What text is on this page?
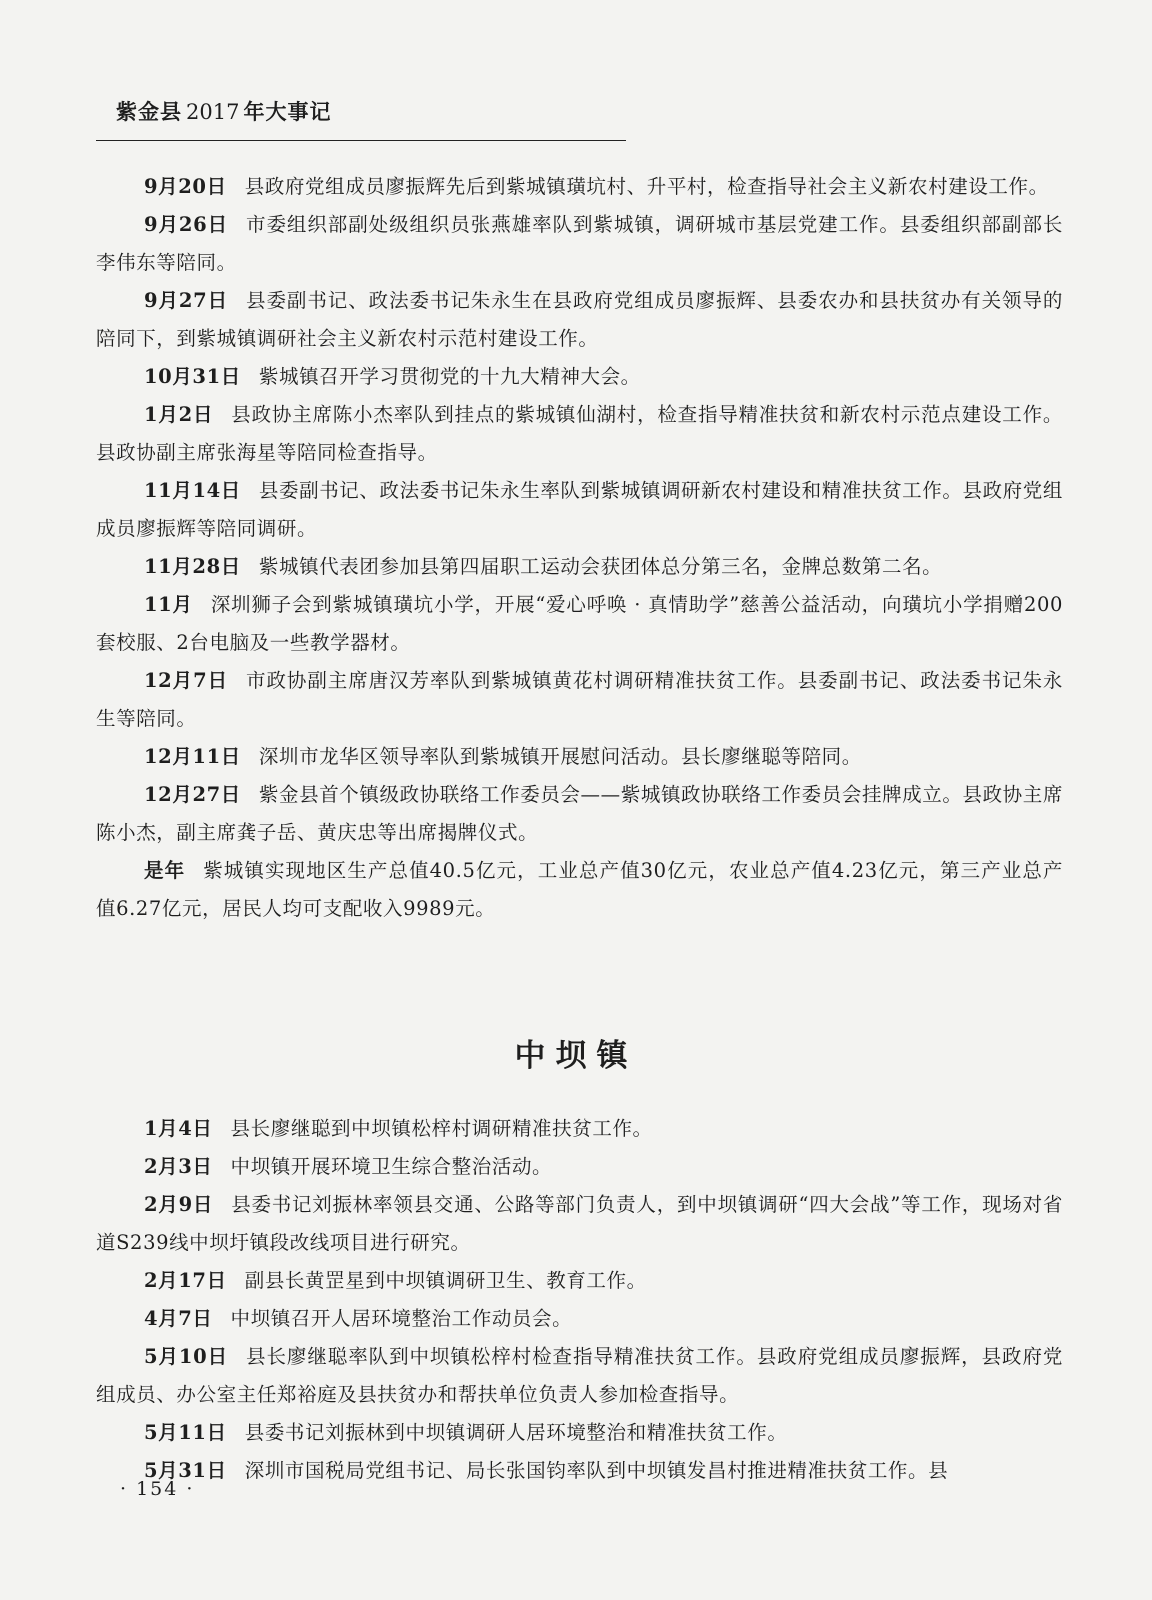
紫金县 2017 年大事记

9月20日 县政府党组成员廖振辉先后到紫城镇璜坑村、升平村，检查指导社会主义新农村建设工作。

9月26日 市委组织部副处级组织员张燕雄率队到紫城镇，调研城市基层党建工作。县委组织部副部长李伟东等陪同。

9月27日 县委副书记、政法委书记朱永生在县政府党组成员廖振辉、县委农办和县扶贫办有关领导的陪同下，到紫城镇调研社会主义新农村示范村建设工作。

10月31日 紫城镇召开学习贯彻党的十九大精神大会。

1月2日 县政协主席陈小杰率队到挂点的紫城镇仙湖村，检查指导精准扶贫和新农村示范点建设工作。县政协副主席张海星等陪同检查指导。

11月14日 县委副书记、政法委书记朱永生率队到紫城镇调研新农村建设和精准扶贫工作。县政府党组成员廖振辉等陪同调研。

11月28日 紫城镇代表团参加县第四届职工运动会获团体总分第三名，金牌总数第二名。

11月 深圳狮子会到紫城镇璜坑小学，开展“爱心呼唤 · 真情助学”慈善公益活动，向璜坑小学捐赠200套校服、2台电脑及一些教学器材。

12月7日 市政协副主席唐汉芳率队到紫城镇黄花村调研精准扶贫工作。县委副书记、政法委书记朱永生等陪同。

12月11日 深圳市龙华区领导率队到紫城镇开展慰问活动。县长廖继聪等陪同。

12月27日 紫金县首个镇级政协联络工作委员会——紫城镇政协联络工作委员会挂牌成立。县政协主席陈小杰，副主席龚子岳、黄庆忠等出席揭牌仪式。

是年 紫城镇实现地区生产总值40.5亿元，工业总产值30亿元，农业总产值4.23亿元，第三产业总产值6.27亿元，居民人均可支配收入9989元。

中坝镇

1月4日 县长廖继聪到中坝镇松梓村调研精准扶贫工作。

2月3日 中坝镇开展环境卫生综合整治活动。

2月9日 县委书记刘振林率领县交通、公路等部门负责人，到中坝镇调研“四大会战”等工作，现场对省道S239线中坝圩镇段改线项目进行研究。

2月17日 副县长黄罡星到中坝镇调研卫生、教育工作。

4月7日 中坝镇召开人居环境整治工作动员会。

5月10日 县长廖继聪率队到中坝镇松梓村检查指导精准扶贫工作。县政府党组成员廖振辉，县政府党组成员、办公室主任郑裕庭及县扶贫办和帮扶单位负责人参加检查指导。

5月11日 县委书记刘振林到中坝镇调研人居环境整治和精准扶贫工作。

5月31日 深圳市国税局党组书记、局长张国钧率队到中坝镇发昌村推进精准扶贫工作。县

· 154 ·
